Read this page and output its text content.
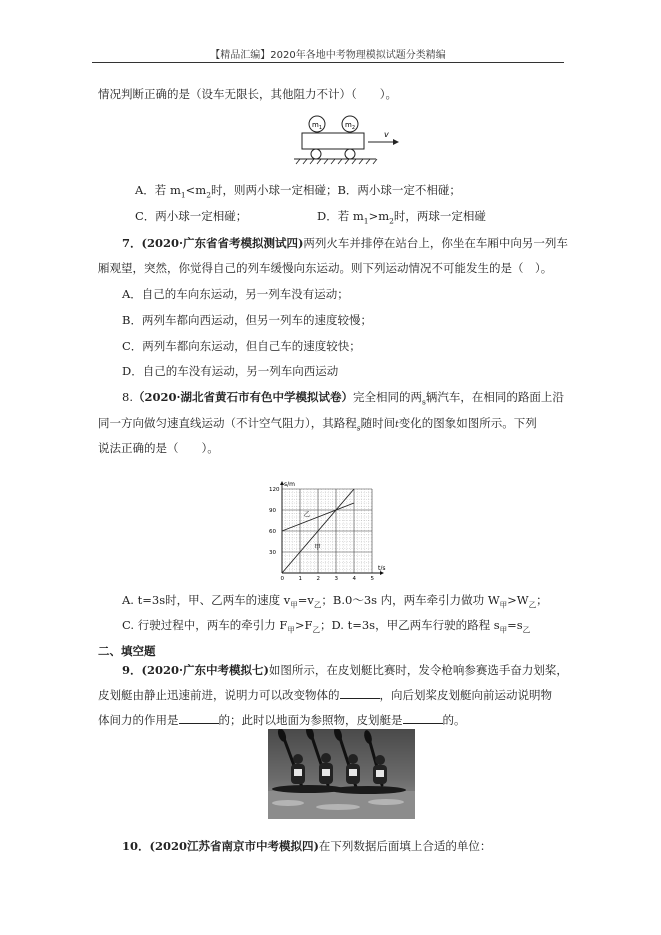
【精品汇编】2020年各地中考物理模拟试题分类精编
情况判断正确的是（设车无限长，其他阻力不计）（　　）。
$m_1$	$m_2$
v
A．若 $m_1<m_2$时，则两小球一定相碰；B．两小球一定不相碰；
C．两小球一定相碰；	D．若 $m_1>m_2$时，两球一定相碰
7．(2020·广东省省考模拟测试四)两列火车并排停在站台上，你坐在车厢中向另一列车
厢观望，突然，你觉得自己的列车缓慢向东运动。则下列运动情况不可能发生的是（　）。
A．自己的车向东运动，另一列车没有运动；
B．两列车都向西运动，但另一列车的速度较慢；
C．两列车都向东运动，但自己车的速度较快；
D．自己的车没有运动，另一列车向西运动
8.（2020·湖北省黄石市有色中学模拟试卷）完全相同的两$_s$辆汽车，在相同的路面上沿
同一方向做匀速直线运动（不计空气阻力），其路程$_s$随时间t变化的图象如图所示。下列
说法正确的是（　　）。
s/m
t/s
0	1	2	3	4	5
30
60
90
120
乙
甲
A. t=3s时，甲、乙两车的速度 $v_甲=v_乙$；B.0～3s 内，两车牵引力做功 $W_甲>W_乙$；
C. 行驶过程中，两车的牵引力 $F_甲>F_乙$；D. t=3s，甲乙两车行驶的路程 $s_甲=s_乙$
二、填空题
9．(2020·广东中考模拟七)如图所示，在皮划艇比赛时，发令枪响参赛选手奋力划桨，
皮划艇由静止迅速前进，说明力可以改变物体的	，向后划桨皮划艇向前运动说明物
体间力的作用是	的；此时以地面为参照物，皮划艇是	的。
10．(2020江苏省南京市中考模拟四)在下列数据后面填上合适的单位：
